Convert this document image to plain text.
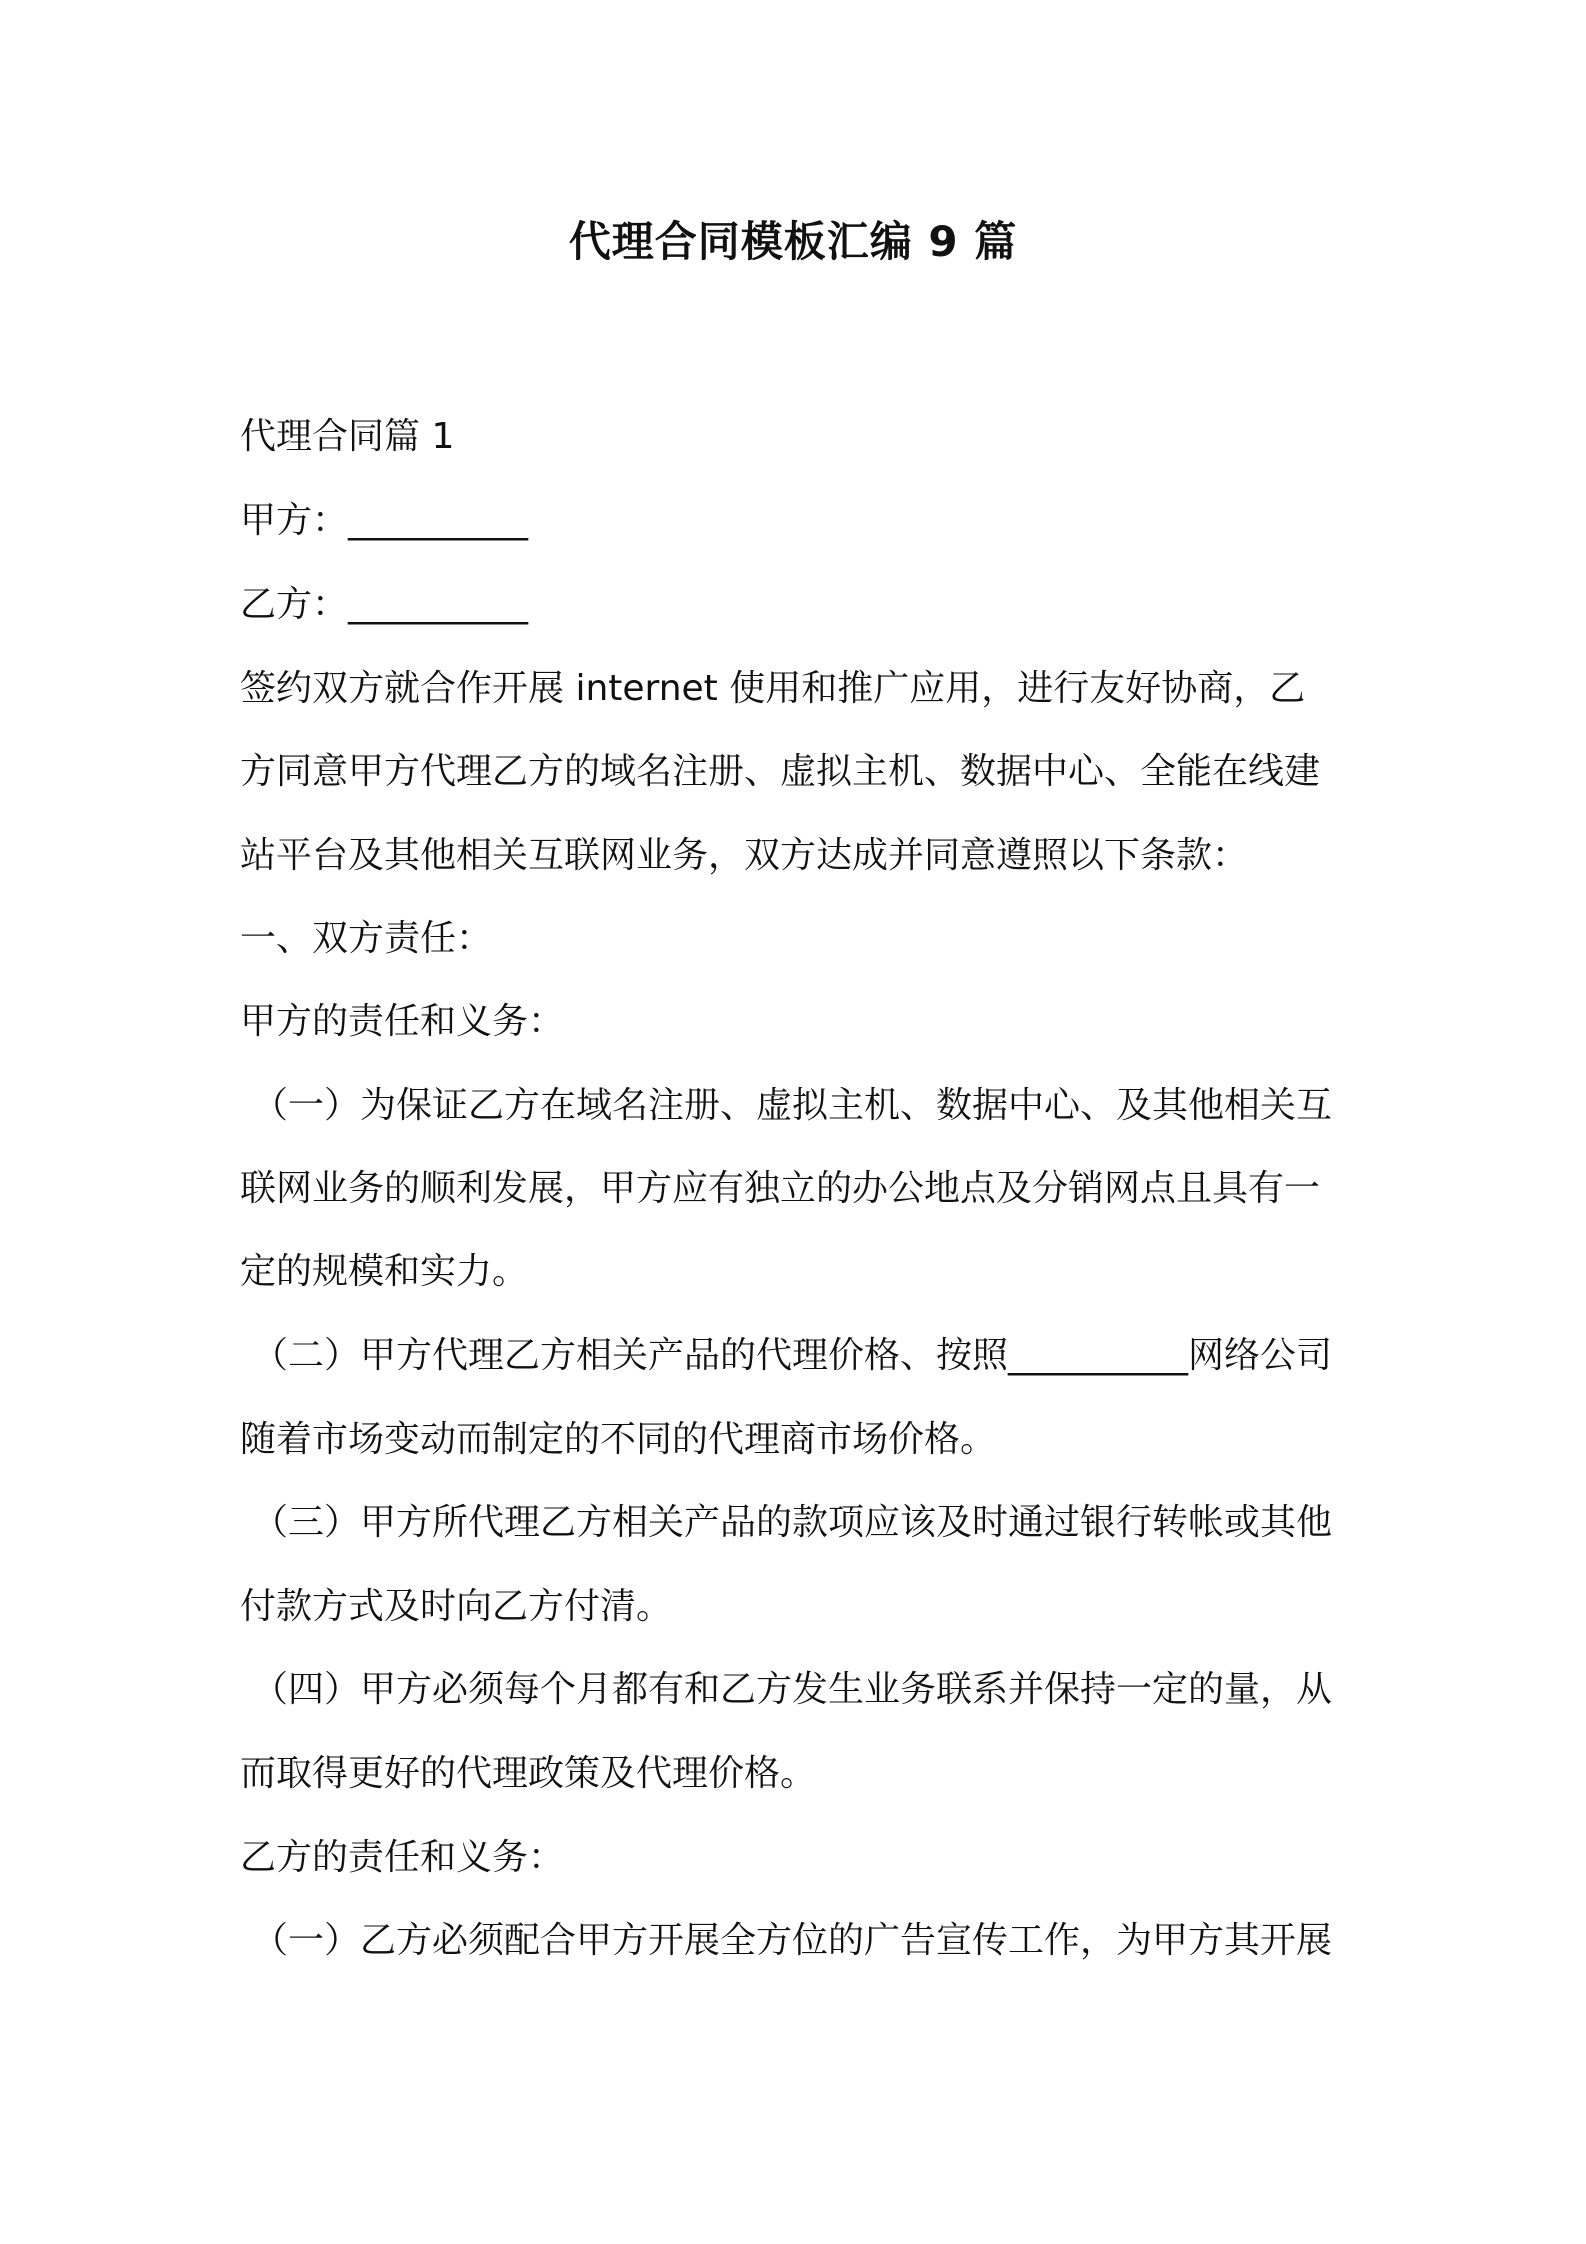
代理合同模板汇编 9 篇
代理合同篇 1
甲方：__________
乙方：__________
签约双方就合作开展 internet 使用和推广应用，进行友好协商，乙
方同意甲方代理乙方的域名注册、虚拟主机、数据中心、全能在线建
站平台及其他相关互联网业务，双方达成并同意遵照以下条款：
一、双方责任：
甲方的责任和义务：
（一）为保证乙方在域名注册、虚拟主机、数据中心、及其他相关互
联网业务的顺利发展，甲方应有独立的办公地点及分销网点且具有一
定的规模和实力。
（二）甲方代理乙方相关产品的代理价格、按照__________网络公司
随着市场变动而制定的不同的代理商市场价格。
（三）甲方所代理乙方相关产品的款项应该及时通过银行转帐或其他
付款方式及时向乙方付清。
（四）甲方必须每个月都有和乙方发生业务联系并保持一定的量，从
而取得更好的代理政策及代理价格。
乙方的责任和义务：
（一）乙方必须配合甲方开展全方位的广告宣传工作，为甲方其开展
